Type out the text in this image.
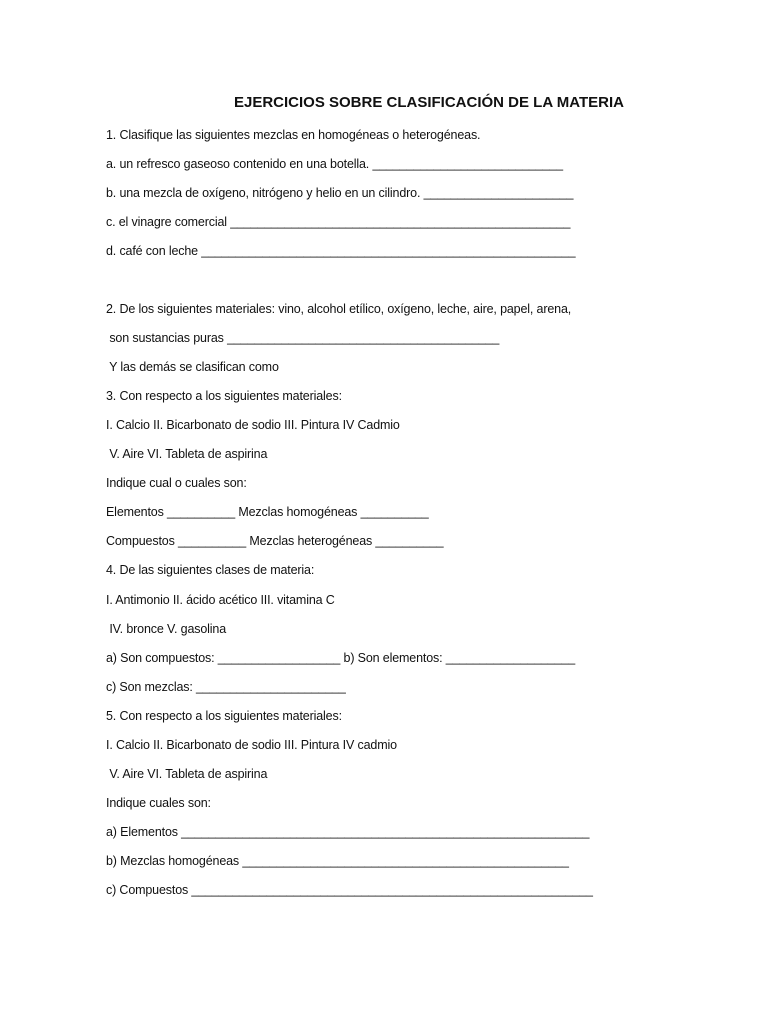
EJERCICIOS SOBRE CLASIFICACIÓN DE LA MATERIA
1. Clasifique las siguientes mezclas en homogéneas o heterogéneas.
a. un refresco gaseoso contenido en una botella. ____________________________
b. una mezcla de oxígeno, nitrógeno y helio en un cilindro. ______________________
c. el vinagre comercial __________________________________________________
d. café con leche _______________________________________________________
2. De los siguientes materiales: vino, alcohol etílico, oxígeno, leche, aire, papel, arena,
son sustancias puras ________________________________________
Y las demás se clasifican como
3. Con respecto a los siguientes materiales:
I. Calcio II. Bicarbonato de sodio III. Pintura IV Cadmio
V. Aire VI. Tableta de aspirina
Indique cual o cuales son:
Elementos __________ Mezclas homogéneas __________
Compuestos __________ Mezclas heterogéneas __________
4. De las siguientes clases de materia:
I. Antimonio II. ácido acético III. vitamina C
IV. bronce V. gasolina
a) Son compuestos: __________________ b) Son elementos: ___________________
c) Son mezclas: ______________________
5. Con respecto a los siguientes materiales:
I. Calcio II. Bicarbonato de sodio III. Pintura IV cadmio
V. Aire VI. Tableta de aspirina
Indique cuales son:
a) Elementos ____________________________________________________________
b) Mezclas homogéneas ________________________________________________
c) Compuestos ___________________________________________________________
